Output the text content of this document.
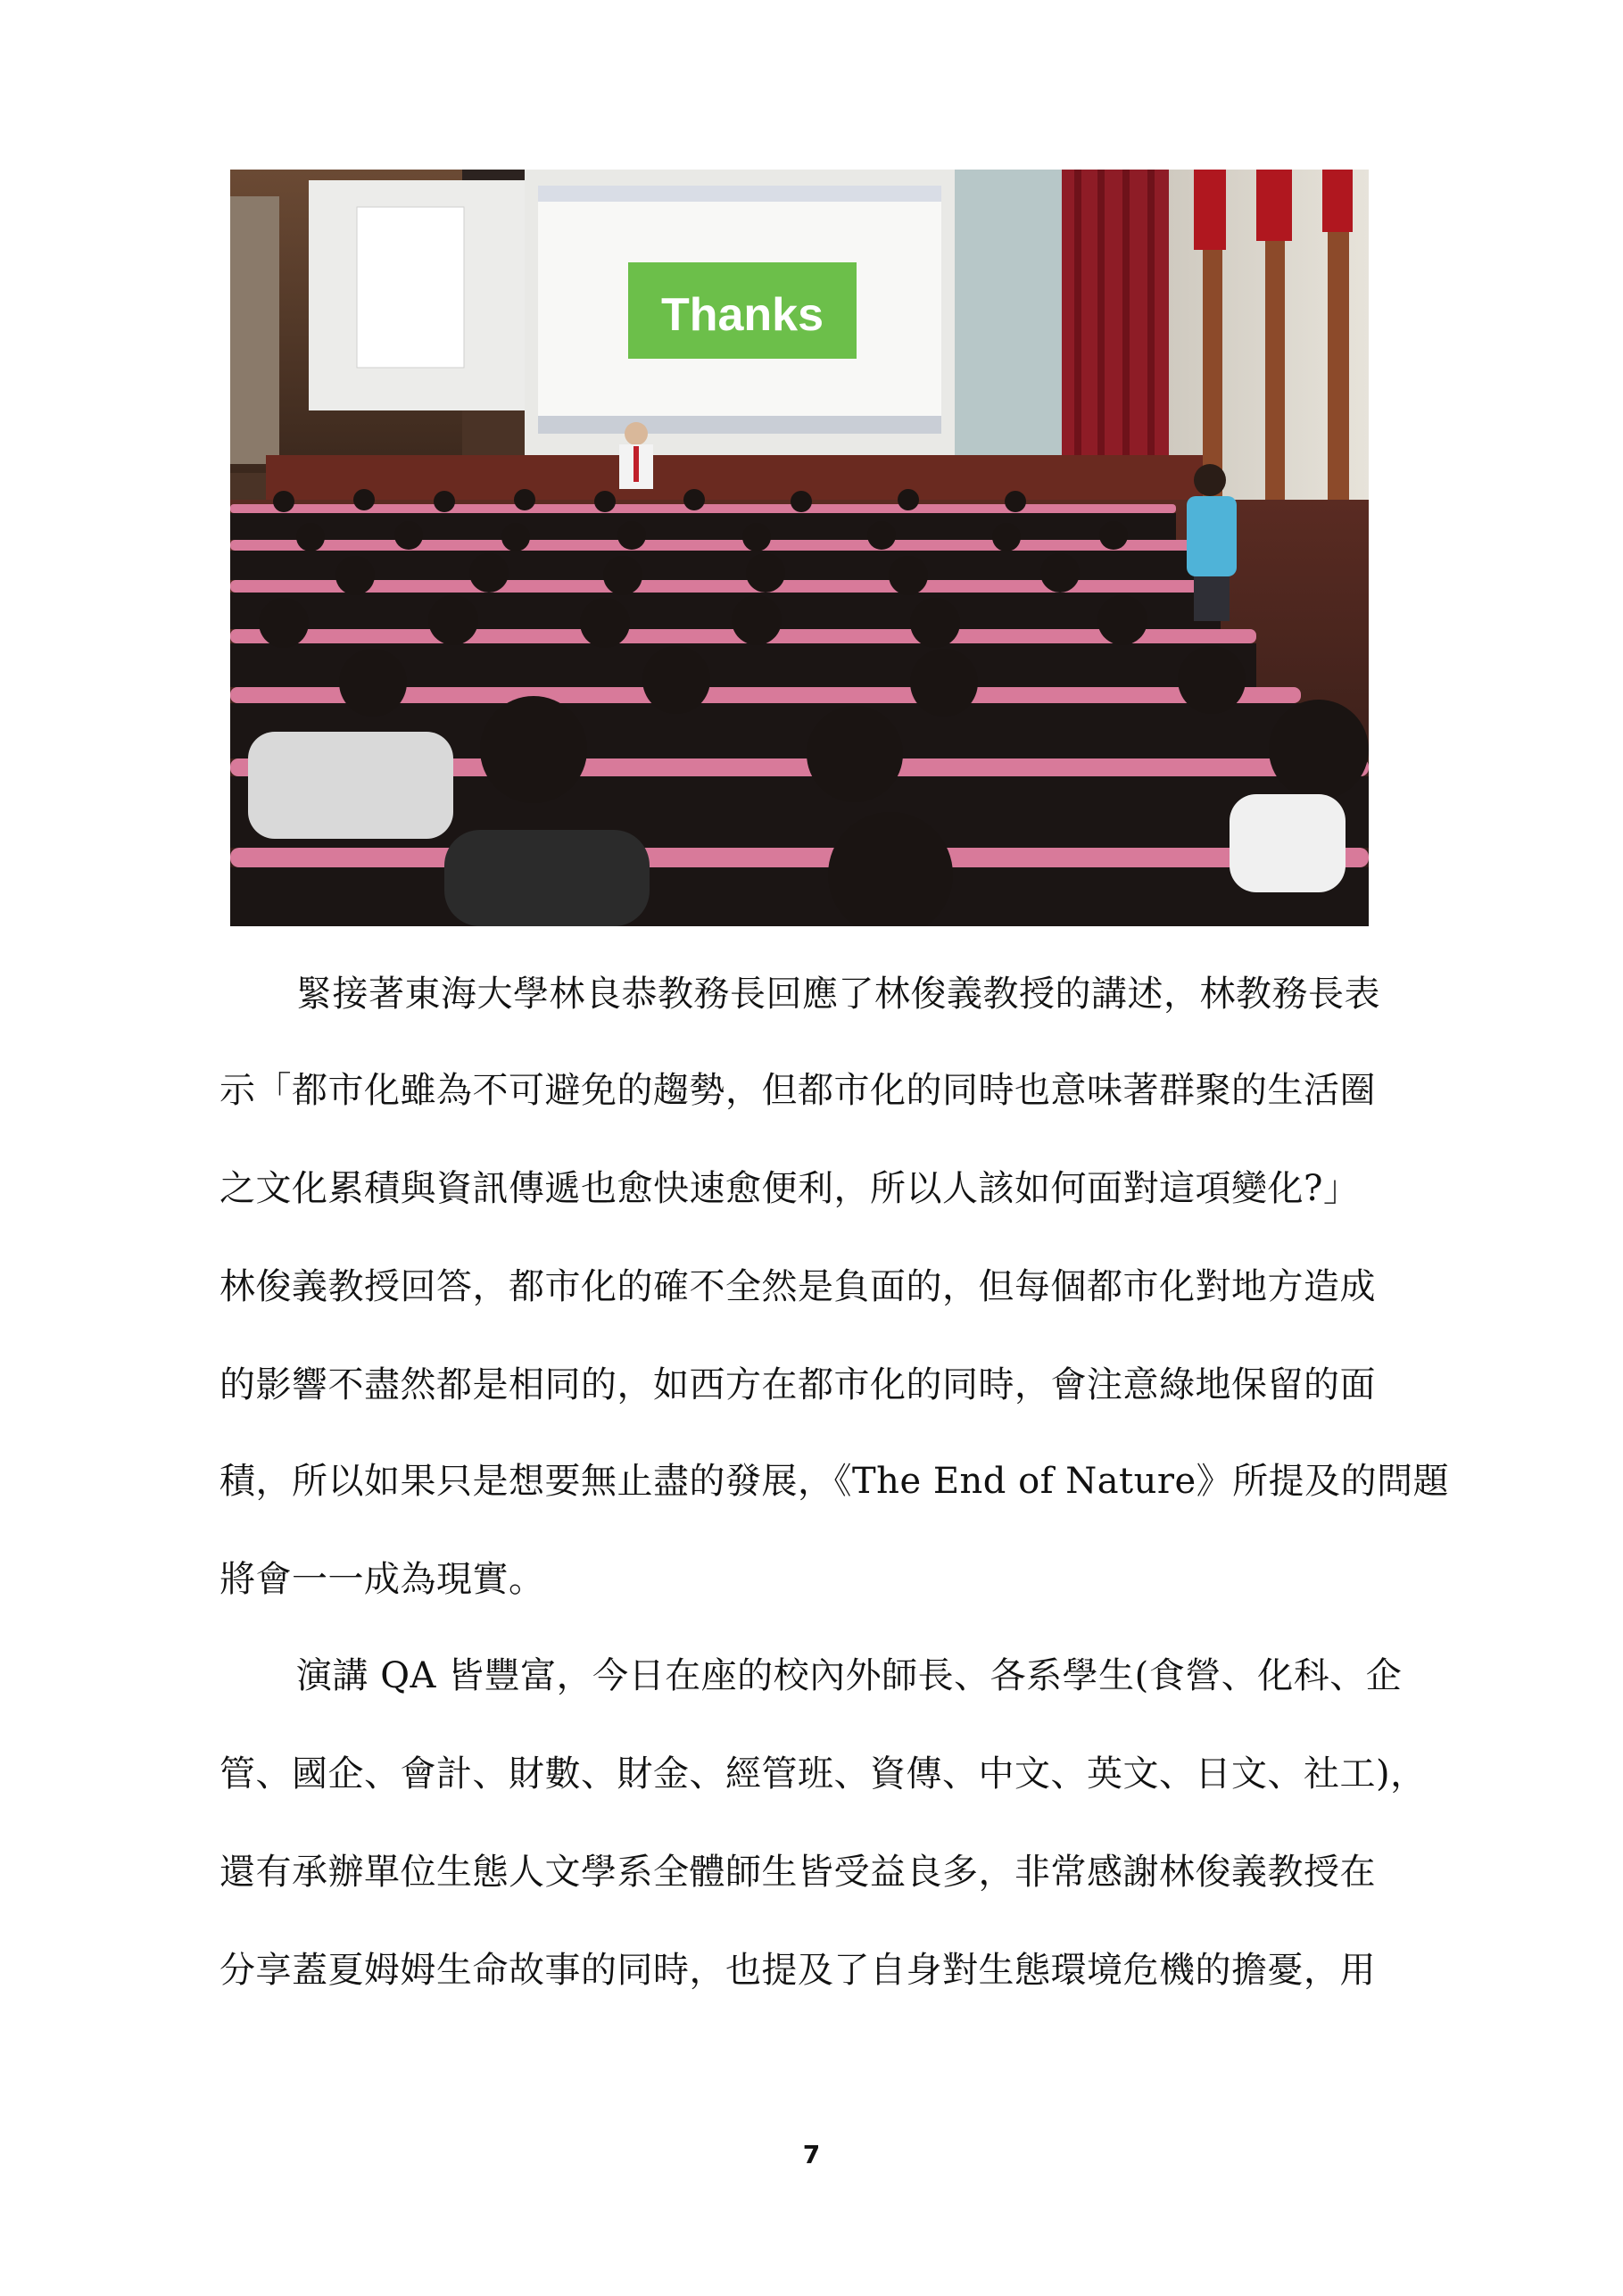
Thanks
緊接著東海大學林良恭教務長回應了林俊義教授的講述，林教務長表
示「都市化雖為不可避免的趨勢，但都市化的同時也意味著群聚的生活圈
之文化累積與資訊傳遞也愈快速愈便利，所以人該如何面對這項變化?」
林俊義教授回答，都市化的確不全然是負面的，但每個都市化對地方造成
的影響不盡然都是相同的，如西方在都市化的同時，會注意綠地保留的面
積，所以如果只是想要無止盡的發展，《The End of Nature》所提及的問題
將會一一成為現實。
演講 QA 皆豐富，今日在座的校內外師長、各系學生(食營、化科、企
管、國企、會計、財數、財金、經管班、資傳、中文、英文、日文、社工)，
還有承辦單位生態人文學系全體師生皆受益良多，非常感謝林俊義教授在
分享蓋夏姆姆生命故事的同時，也提及了自身對生態環境危機的擔憂，用
7
